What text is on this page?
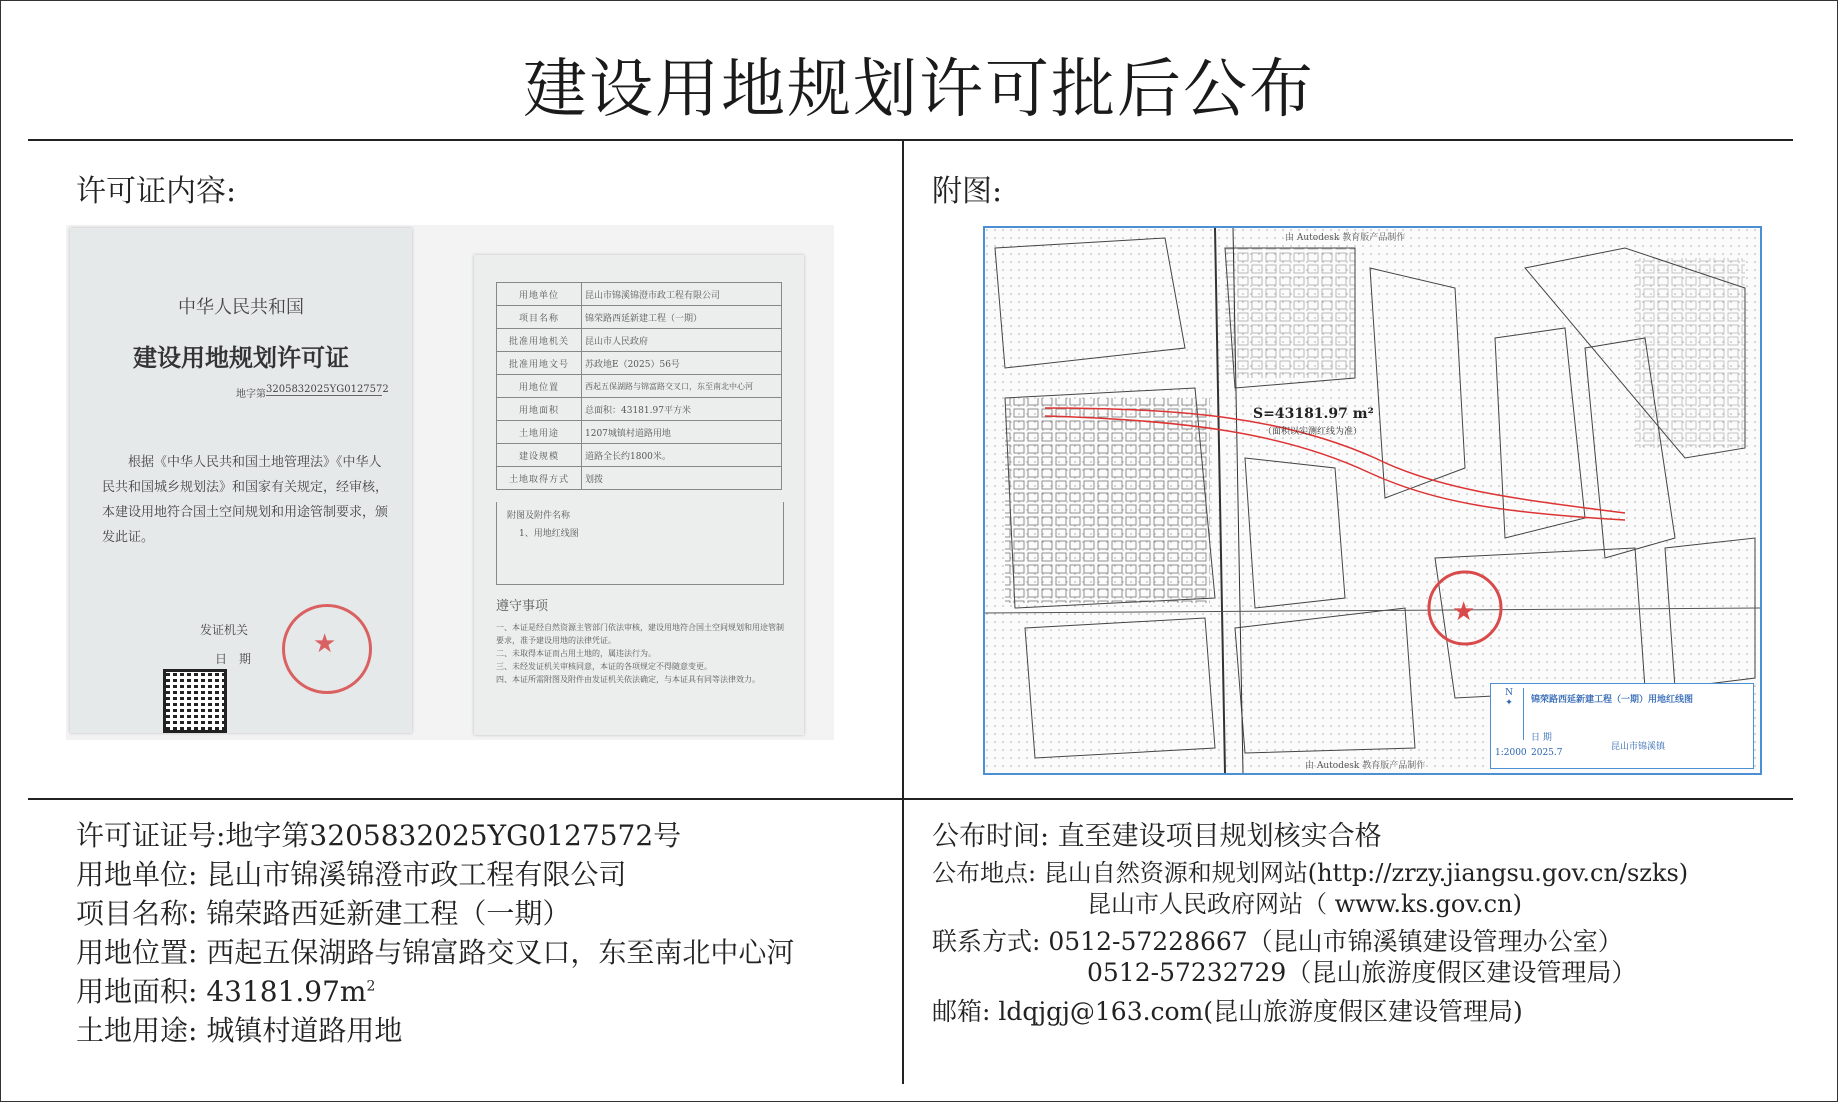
建设用地规划许可批后公布
许可证内容:	附图:
中华人民共和国
建设用地规划许可证
地字第 3205832025YG0127572
根据《中华人民共和国土地管理法》《中华人民共和国城乡规划法》和国家有关规定，经审核，本建设用地符合国土空间规划和用途管制要求，颁发此证。
发证机关
日　期 ★
用地单位	昆山市锦溪锦澄市政工程有限公司
项目名称	锦荣路西延新建工程（一期）
批准用地机关	昆山市人民政府
批准用地文号	苏政地E（2025）56号
用地位置	西起五保湖路与锦富路交叉口，东至南北中心河
用地面积	总面积：43181.97平方米
土地用途	1207城镇村道路用地
建设规模	道路全长约1800米。
土地取得方式	划拨
附图及附件名称
1、用地红线图
遵守事项
一、本证是经自然资源主管部门依法审核，建设用地符合国土空间规划和用途管制要求，准予建设用地的法律凭证。
二、未取得本证而占用土地的，属违法行为。
三、未经发证机关审核同意，本证的各项规定不得随意变更。
四、本证所需附图及附件由发证机关依法确定，与本证具有同等法律效力。
★
由 Autodesk 教育版产品制作
由 Autodesk 教育版产品制作
S=43181.97 m²
（面积以实测红线为准）
N
✦	锦荣路西延新建工程（一期）用地红线图
日 期
2025.7
昆山市锦溪镇
1:2000
许可证证号:地字第3205832025YG0127572号
用地单位: 昆山市锦溪锦澄市政工程有限公司
项目名称: 锦荣路西延新建工程（一期）
用地位置: 西起五保湖路与锦富路交叉口，东至南北中心河
用地面积: $43181.97m^2$
土地用途: 城镇村道路用地
公布时间: 直至建设项目规划核实合格
公布地点: 昆山自然资源和规划网站(http://zrzy.jiangsu.gov.cn/szks)
昆山市人民政府网站（ www.ks.gov.cn)
联系方式: 0512-57228667（昆山市锦溪镇建设管理办公室）
0512-57232729（昆山旅游度假区建设管理局）
邮箱: ldqjgj@163.com(昆山旅游度假区建设管理局)
